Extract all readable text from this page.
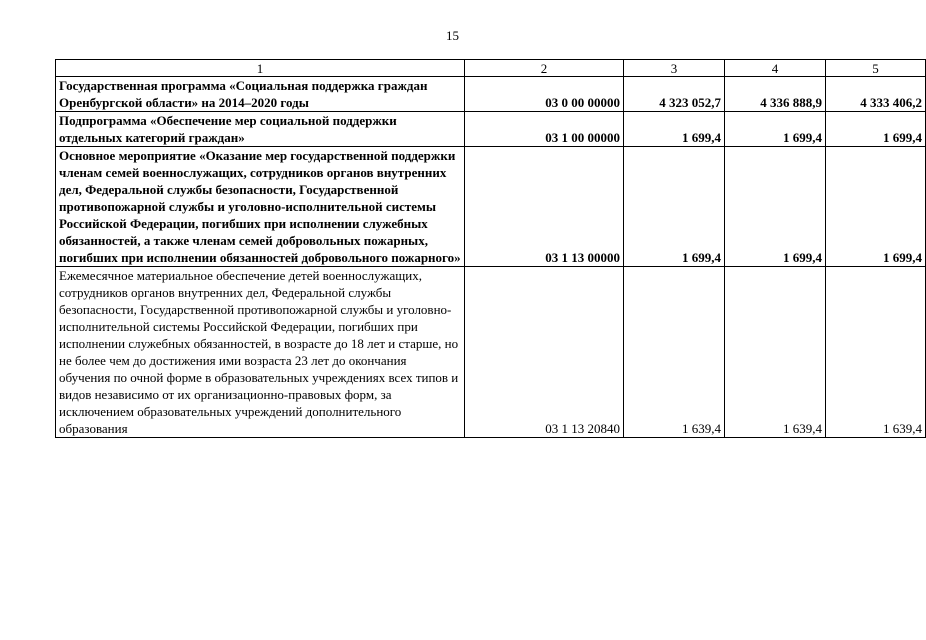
15
1	2	3	4	5
Государственная программа «Социальная поддержка граждан Оренбургской области» на 2014–2020 годы	03 0 00 00000	4 323 052,7	4 336 888,9	4 333 406,2
Подпрограмма «Обеспечение мер социальной поддержки отдельных категорий граждан»	03 1 00 00000	1 699,4	1 699,4	1 699,4
Основное мероприятие «Оказание мер государственной поддержки членам семей военнослужащих, сотрудников органов внутренних дел, Федеральной службы безопасности, Государственной противопожарной службы и уголовно-исполнительной системы Российской Федерации, погибших при исполнении служебных обязанностей, а также членам семей добровольных пожарных, погибших при исполнении обязанностей добровольного пожарного»	03 1 13 00000	1 699,4	1 699,4	1 699,4
Ежемесячное материальное обеспечение детей военнослужащих, сотрудников органов внутренних дел, Федеральной службы безопасности, Государственной противопожарной службы и уголовно-исполнительной системы Российской Федерации, погибших при исполнении служебных обязанностей, в возрасте до 18 лет и старше, но не более чем до достижения ими возраста 23 лет до окончания обучения по очной форме в образовательных учреждениях всех типов и видов независимо от их организационно-правовых форм, за исключением образовательных учреждений дополнительного образования	03 1 13 20840	1 639,4	1 639,4	1 639,4
